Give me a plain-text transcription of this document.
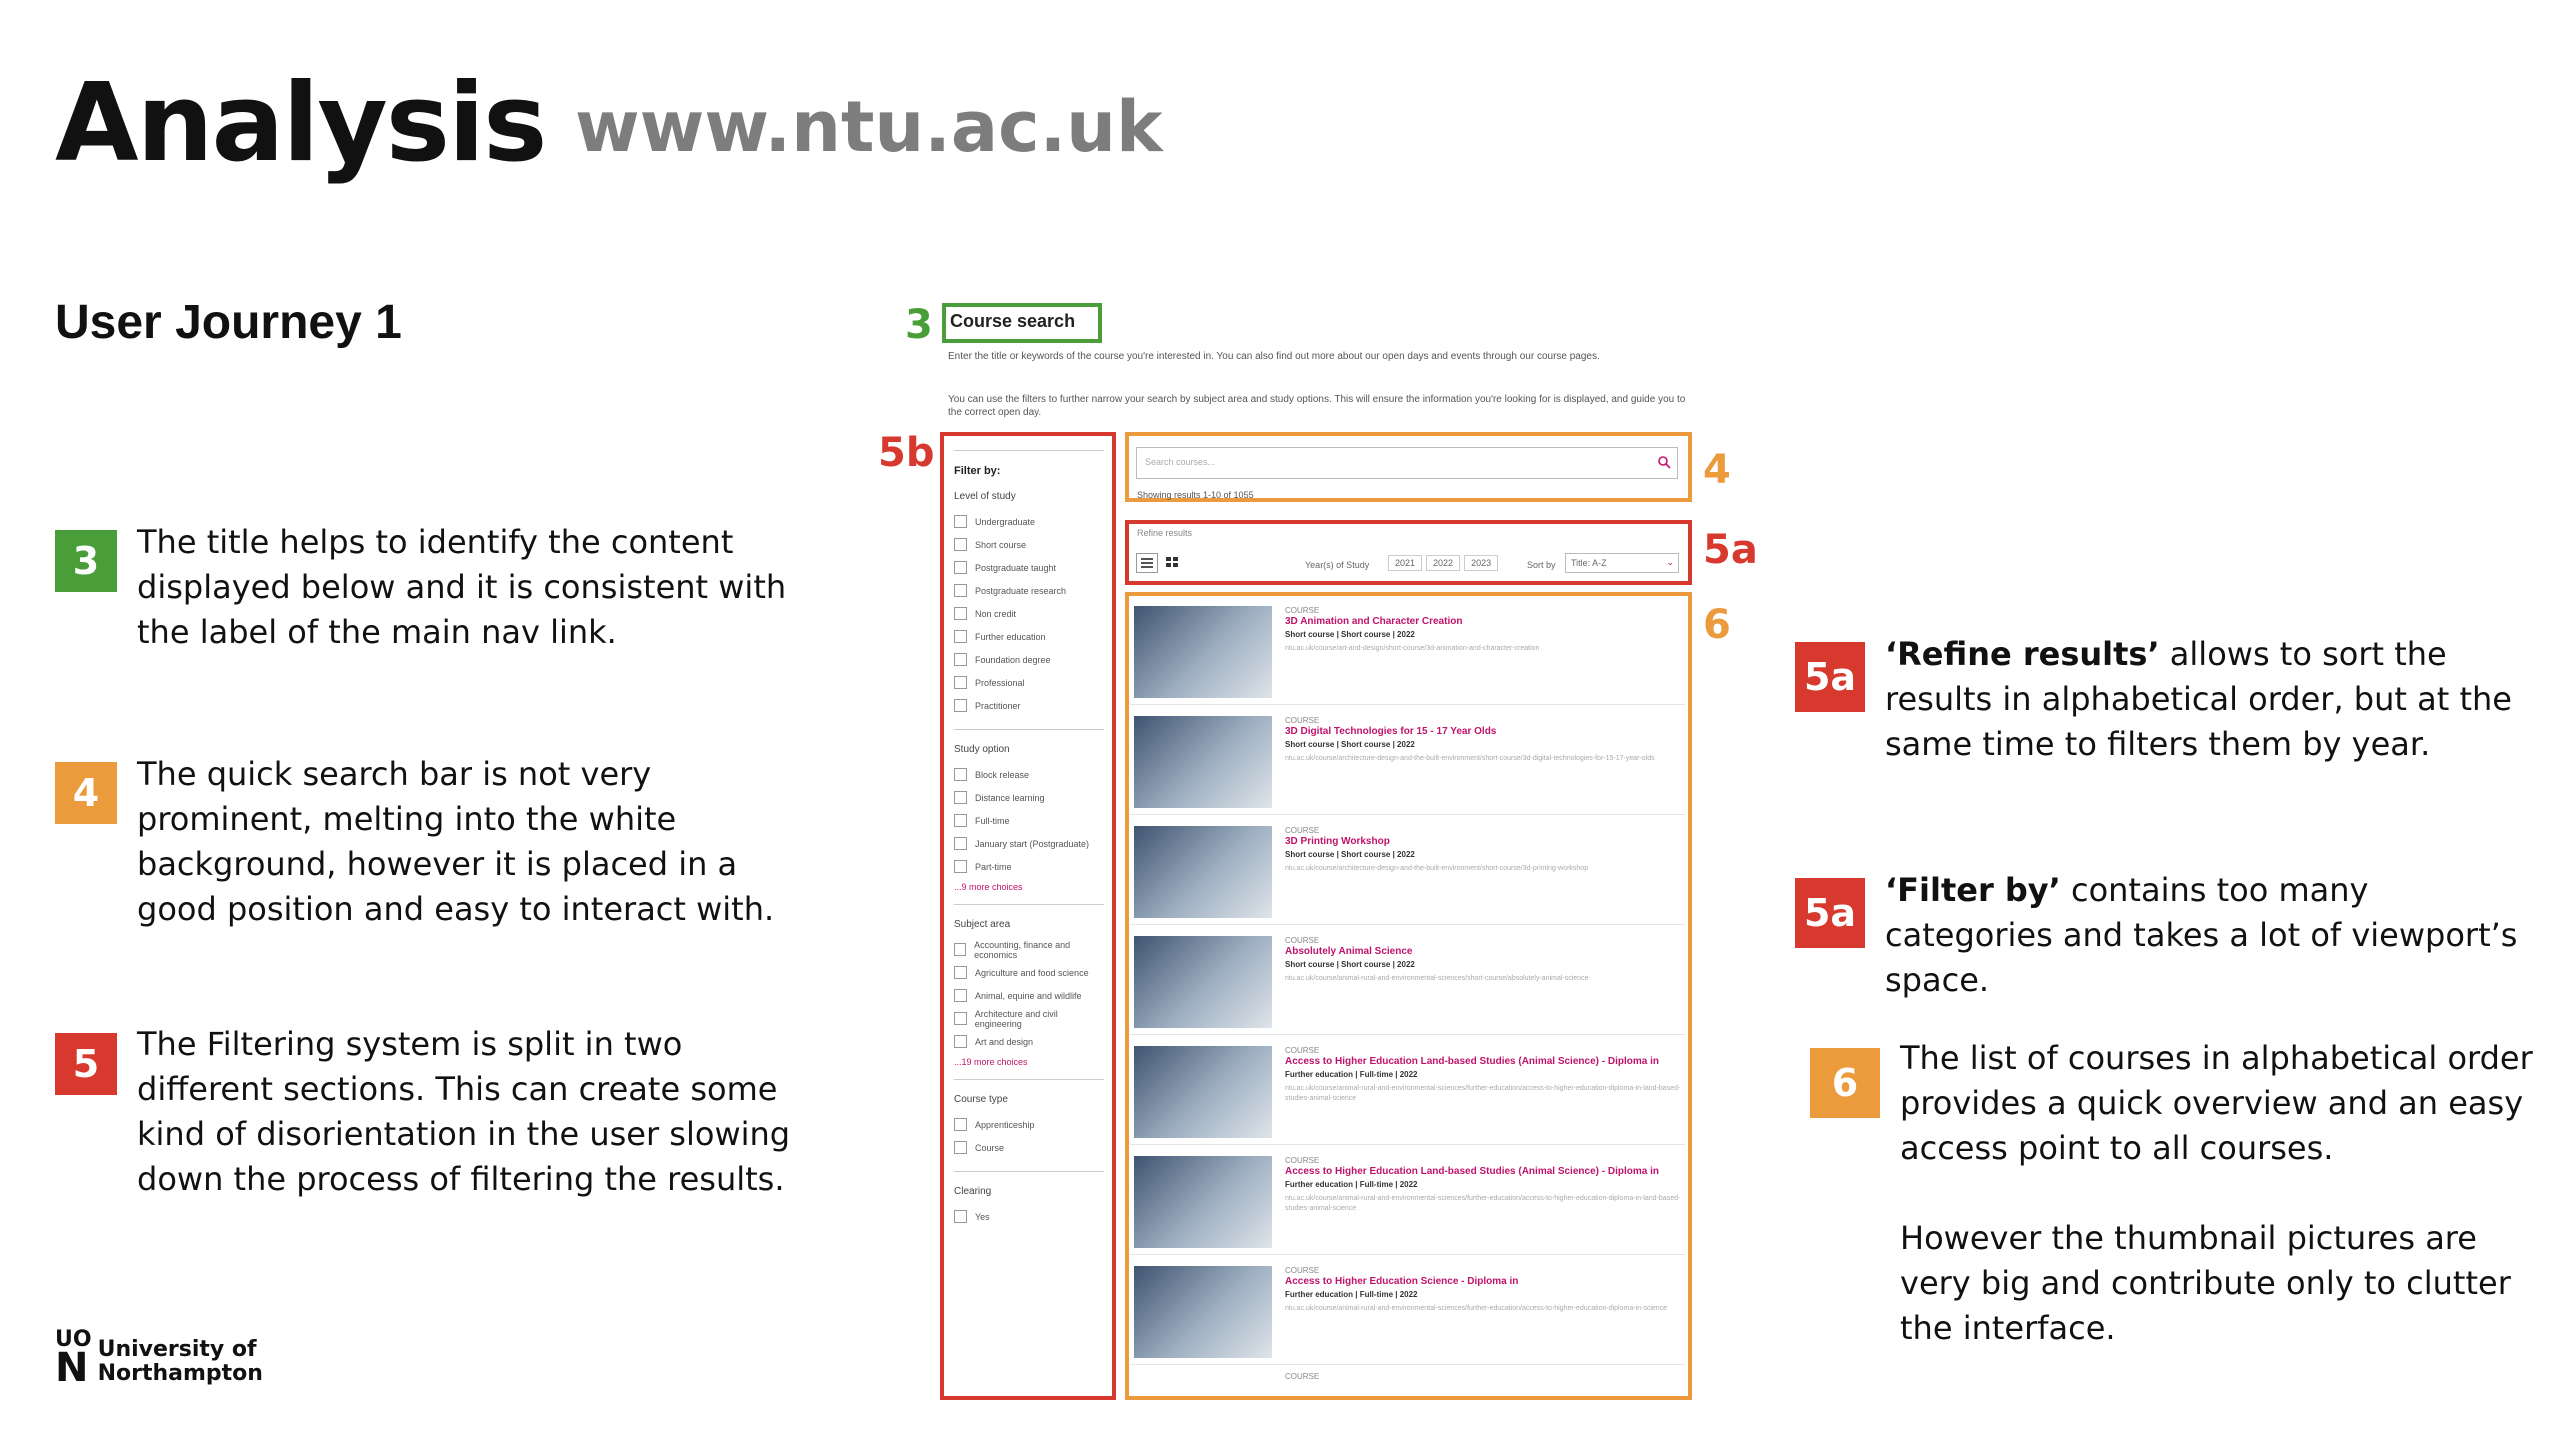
Analysis www.ntu.ac.uk
User Journey 1
3	The title helps to identify the content displayed below and it is consistent with the label of the main nav link.
4	The quick search bar is not very prominent, melting into the white background, however it is placed in a good position and easy to interact with.
5	The Filtering system is split in two different sections. This can create some kind of disorientation in the user slowing down the process of filtering the results.
5a
‘Refine results’ allows to sort the results in alphabetical order, but at the same time to filters them by year.
5a
‘Filter by’ contains too many categories and takes a lot of viewport’s space.
6
The list of courses in alphabetical order provides a quick overview and an easy access point to all courses.
However the thumbnail pictures are very big and contribute only to clutter the interface.
3
5b	4
5a
6
Course search
Enter the title or keywords of the course you're interested in. You can also find out more about our open days and events through our course pages.
You can use the filters to further narrow your search by subject area and study options. This will ensure the information you're looking for is displayed, and guide you to the correct open day.
Filter by:
Level of study
Undergraduate
Short course
Postgraduate taught
Postgraduate research
Non credit
Further education
Foundation degree
Professional
Practitioner
Study option
Block release
Distance learning
Full-time
January start (Postgraduate)
Part-time
...9 more choices
Subject area
Accounting, finance and economics
Agriculture and food science
Animal, equine and wildlife
Architecture and civil engineering
Art and design
...19 more choices
Course type
Apprenticeship
Course
Clearing
Yes
Search courses...
Showing results 1-10 of 1055
Refine results
Year(s) of Study	2021	2022	2023	Sort by Title: A-Z	⌄
COURSE
3D Animation and Character Creation
Short course | Short course | 2022
ntu.ac.uk/course/art-and-design/short-course/3d-animation-and-character-creation
COURSE
3D Digital Technologies for 15 - 17 Year Olds
Short course | Short course | 2022
ntu.ac.uk/course/architecture-design-and-the-built-environment/short-course/3d-digital-technologies-for-15-17-year-olds
COURSE
3D Printing Workshop
Short course | Short course | 2022
ntu.ac.uk/course/architecture-design-and-the-built-environment/short-course/3d-printing-workshop
COURSE
Absolutely Animal Science
Short course | Short course | 2022
ntu.ac.uk/course/animal-rural-and-environmental-sciences/short-course/absolutely-animal-science
COURSE
Access to Higher Education Land-based Studies (Animal Science) - Diploma in
Further education | Full-time | 2022
ntu.ac.uk/course/animal-rural-and-environmental-sciences/further-education/access-to-higher-education-diploma-in-land-based-studies-animal-science
COURSE
Access to Higher Education Land-based Studies (Animal Science) - Diploma in
Further education | Full-time | 2022
ntu.ac.uk/course/animal-rural-and-environmental-sciences/further-education/access-to-higher-education-diploma-in-land-based-studies-animal-science
COURSE
Access to Higher Education Science - Diploma in
Further education | Full-time | 2022
ntu.ac.uk/course/animal-rural-and-environmental-sciences/further-education/access-to-higher-education-diploma-in-science
COURSE
UO
N University of
Northampton
